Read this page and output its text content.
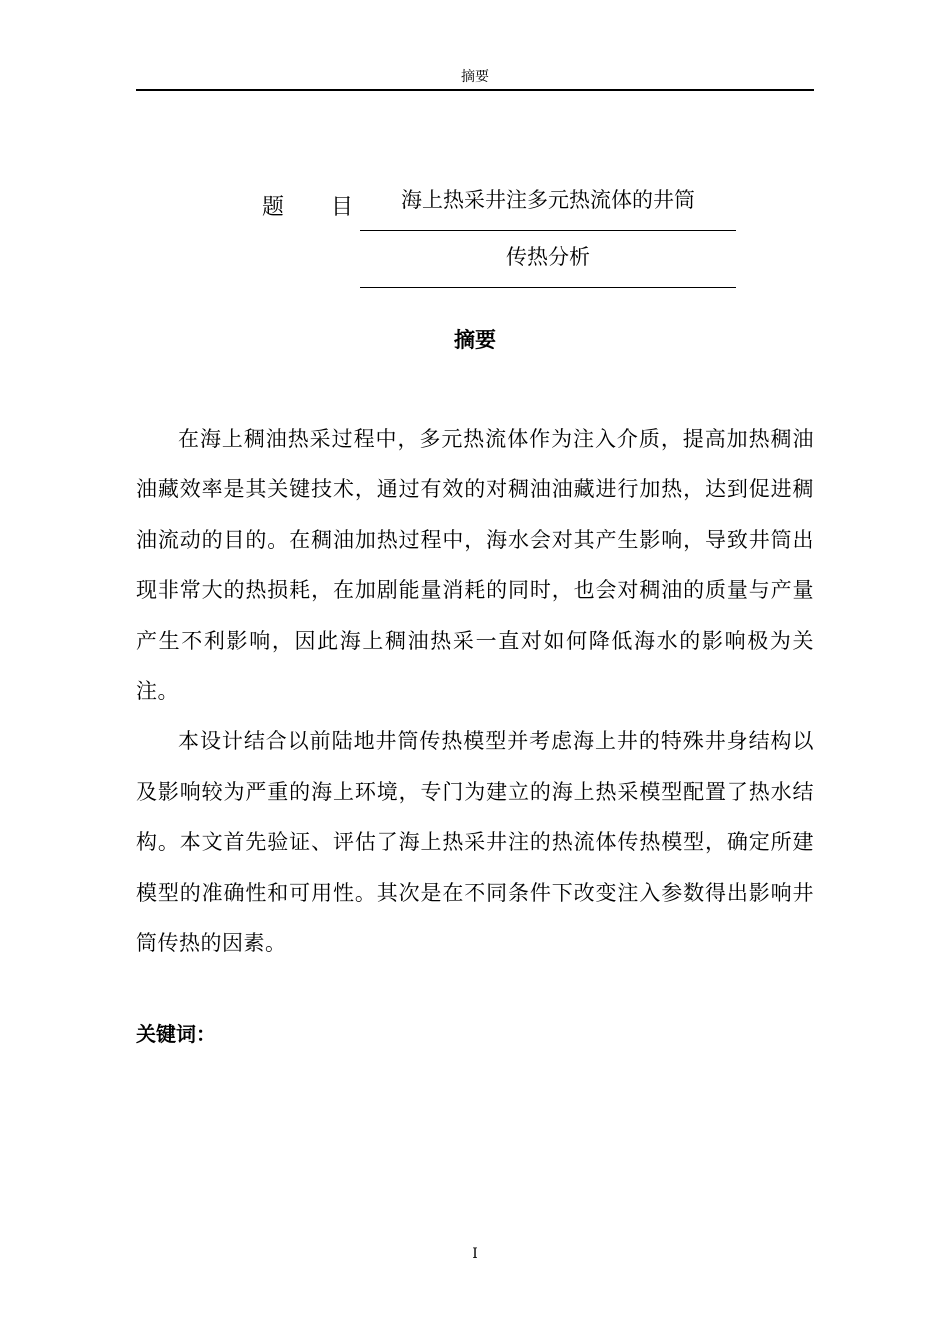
摘要
题 目	海上热采井注多元热流体的井筒
传热分析
摘要

在海上稠油热采过程中，多元热流体作为注入介质，提高加热稠油油藏效率是其关键技术，通过有效的对稠油油藏进行加热，达到促进稠油流动的目的。在稠油加热过程中，海水会对其产生影响，导致井筒出现非常大的热损耗，在加剧能量消耗的同时，也会对稠油的质量与产量产生不利影响，因此海上稠油热采一直对如何降低海水的影响极为关注。

本设计结合以前陆地井筒传热模型并考虑海上井的特殊井身结构以及影响较为严重的海上环境，专门为建立的海上热采模型配置了热水结构。本文首先验证、评估了海上热采井注的热流体传热模型，确定所建模型的准确性和可用性。其次是在不同条件下改变注入参数得出影响井筒传热的因素。

关键词：
I
